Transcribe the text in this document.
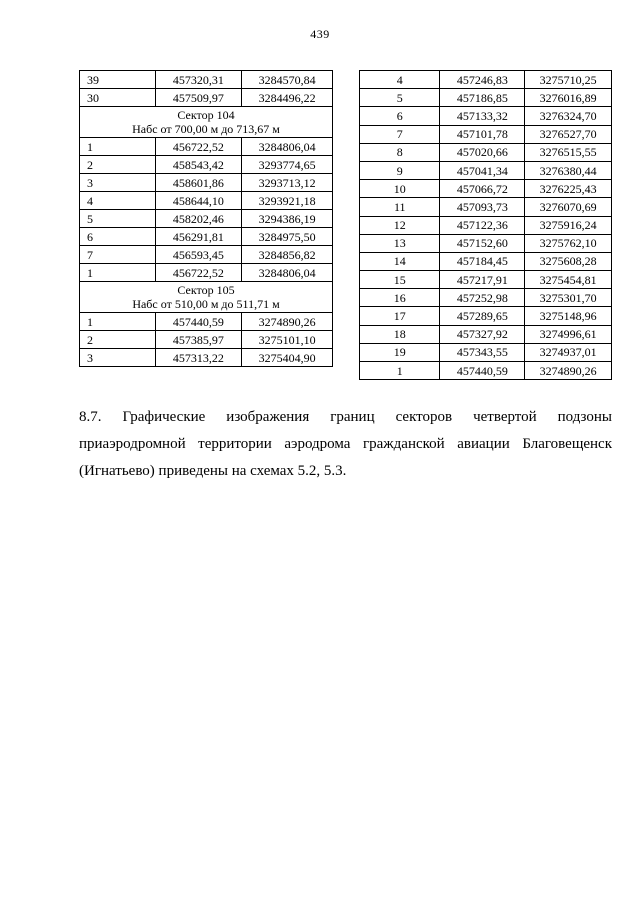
439
39	457320,31	3284570,84
30	457509,97	3284496,22

Сектор 104
Набс от 700,00 м до 713,67 м		

1	456722,52	3284806,04
2	458543,42	3293774,65
3	458601,86	3293713,12
4	458644,10	3293921,18
5	458202,46	3294386,19
6	456291,81	3284975,50
7	456593,45	3284856,82
1	456722,52	3284806,04

Сектор 105
Набс от 510,00 м до 511,71 м		

1	457440,59	3274890,26
2	457385,97	3275101,10
3	457313,22	3275404,90
4	457246,83	3275710,25
5	457186,85	3276016,89
6	457133,32	3276324,70
7	457101,78	3276527,70
8	457020,66	3276515,55
9	457041,34	3276380,44
10	457066,72	3276225,43
11	457093,73	3276070,69
12	457122,36	3275916,24
13	457152,60	3275762,10
14	457184,45	3275608,28
15	457217,91	3275454,81
16	457252,98	3275301,70
17	457289,65	3275148,96
18	457327,92	3274996,61
19	457343,55	3274937,01
1	457440,59	3274890,26
8.7. Графические изображения границ секторов четвертой подзоны
приаэродромной территории аэродрома гражданской авиации Благовещенск
(Игнатьево) приведены на схемах 5.2, 5.3.
